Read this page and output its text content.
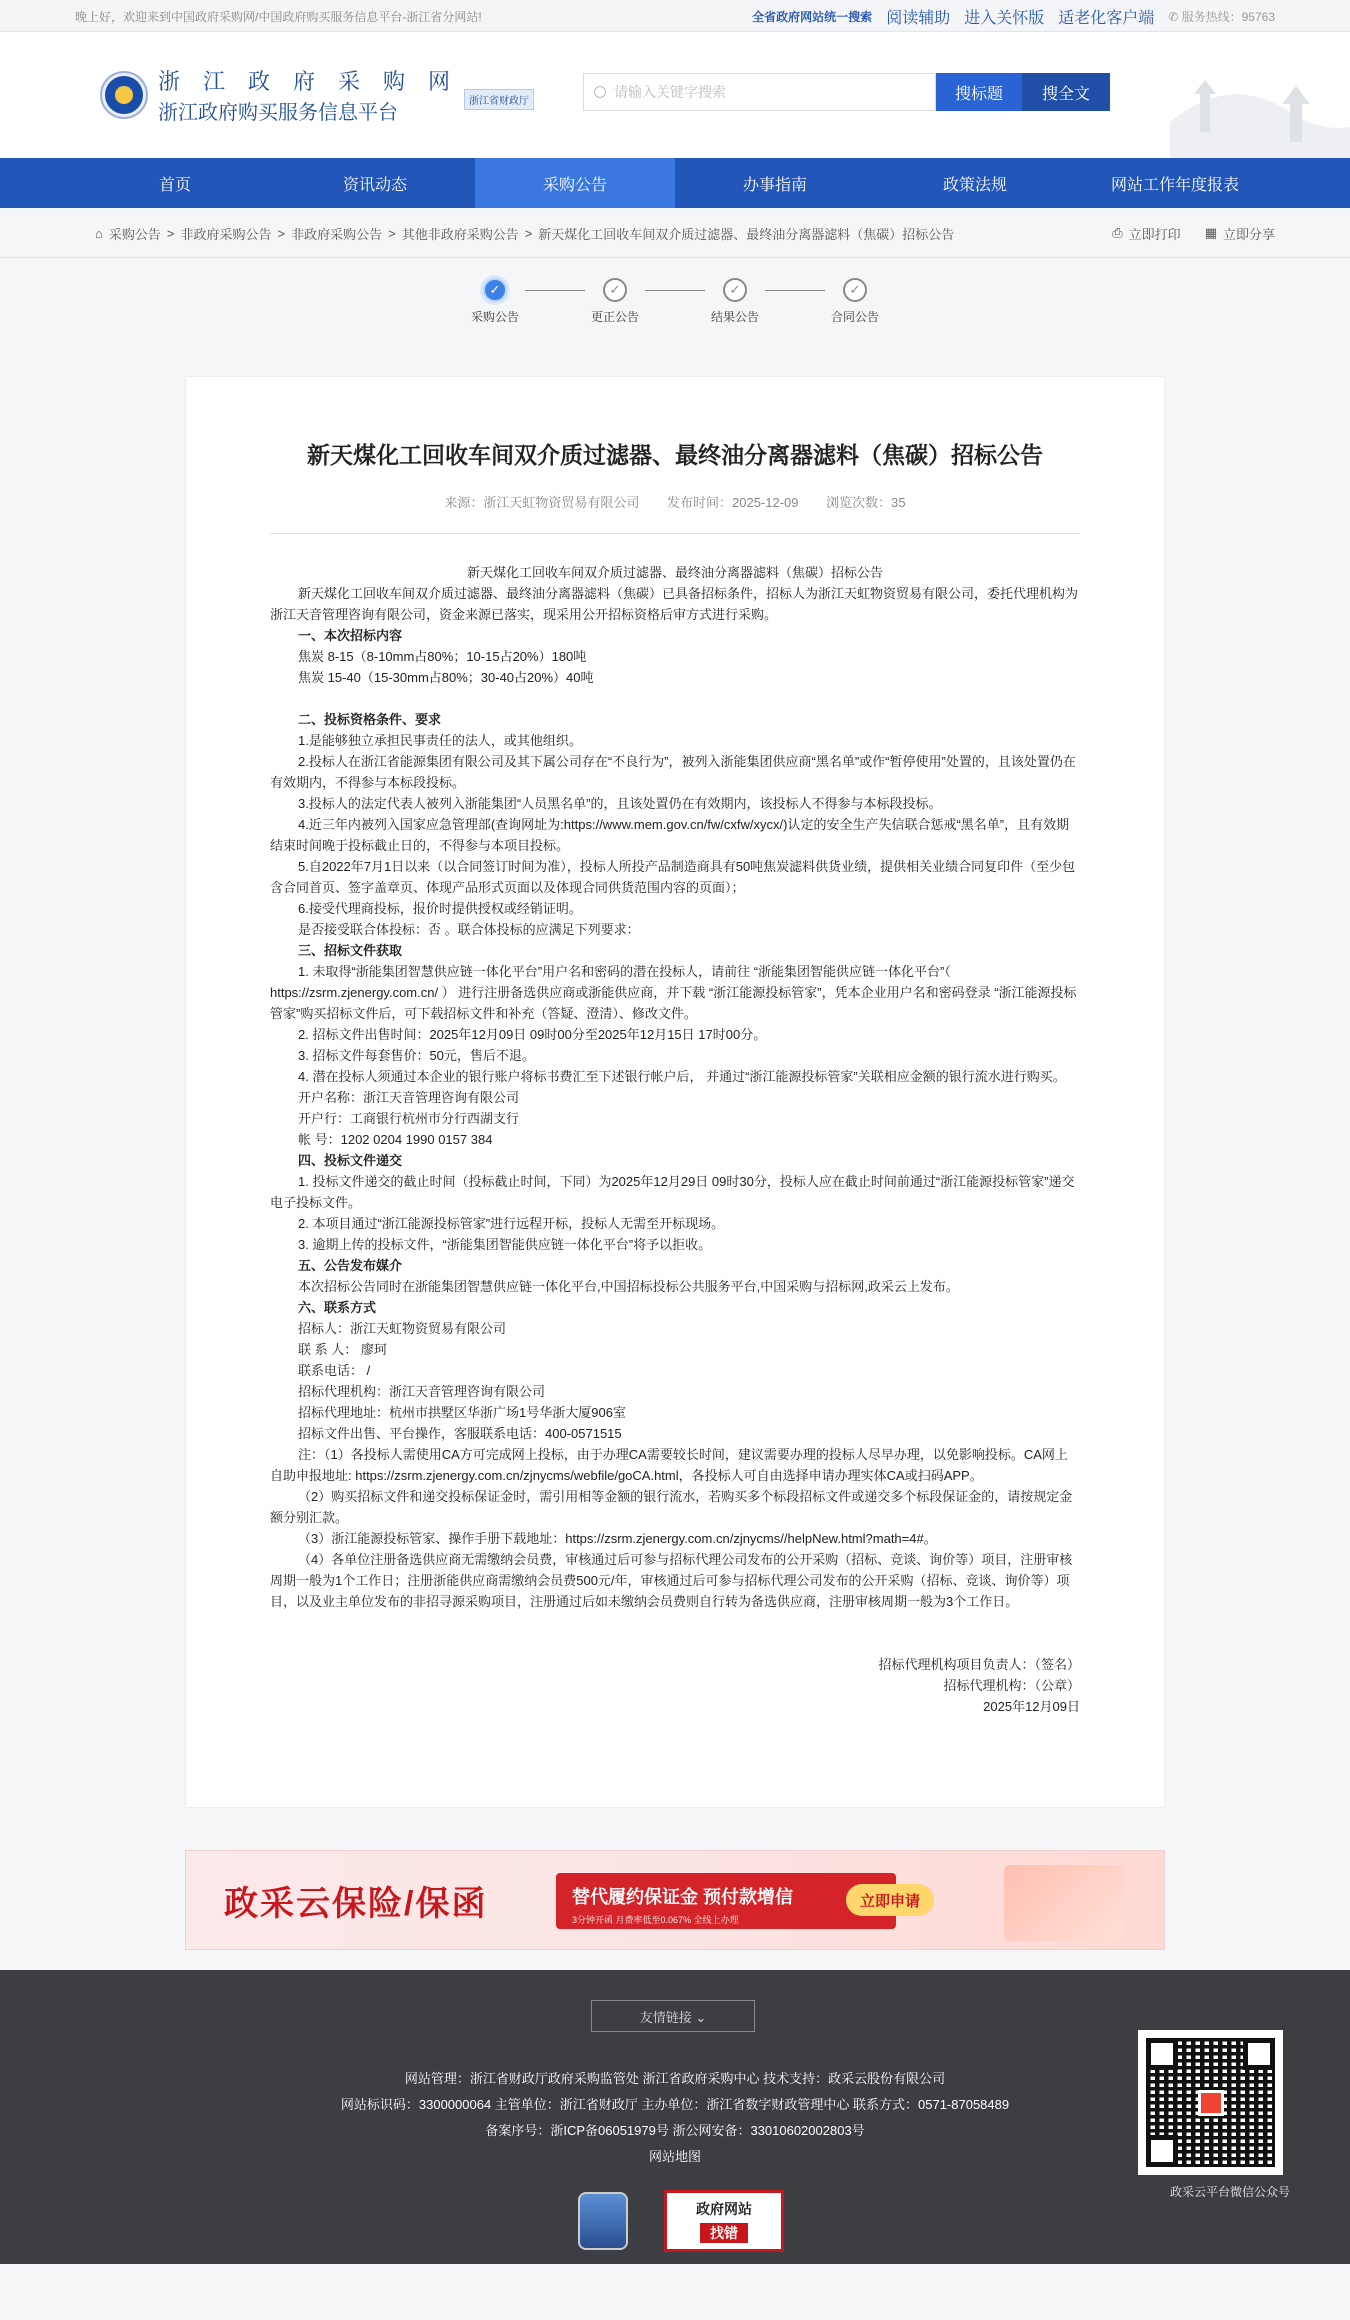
晚上好，欢迎来到中国政府采购网/中国政府购买服务信息平台-浙江省分网站!	全省政府网站统一搜索 阅读辅助 进入关怀版 适老化客户端 ✆ 服务热线：95763
浙 江 政 府 采 购 网
浙江政府购买服务信息平台	浙江省财政厅
请输入关键字搜索	搜标题	搜全文
首页	资讯动态	采购公告	办事指南	政策法规	网站工作年度报表
⌂ 采购公告 > 非政府采购公告 > 非政府采购公告 > 其他非政府采购公告 > 新天煤化工回收车间双介质过滤器、最终油分离器滤料（焦碳）招标公告	⎙ 立即打印 ▦ 立即分享
✓
采购公告
✓
更正公告
✓
结果公告
✓
合同公告
新天煤化工回收车间双介质过滤器、最终油分离器滤料（焦碳）招标公告
来源：浙江天虹物资贸易有限公司 发布时间：2025-12-09 浏览次数：35

新天煤化工回收车间双介质过滤器、最终油分离器滤料（焦碳）招标公告

新天煤化工回收车间双介质过滤器、最终油分离器滤料（焦碳）已具备招标条件，招标人为浙江天虹物资贸易有限公司，委托代理机构为浙江天音管理咨询有限公司，资金来源已落实，现采用公开招标资格后审方式进行采购。

一、本次招标内容

焦炭 8-15（8-10mm占80%；10-15占20%）180吨

焦炭 15-40（15-30mm占80%；30-40占20%）40吨

二、投标资格条件、要求

1.是能够独立承担民事责任的法人，或其他组织。

2.投标人在浙江省能源集团有限公司及其下属公司存在“不良行为”，被列入浙能集团供应商“黑名单”或作“暂停使用”处置的，且该处置仍在有效期内，不得参与本标段投标。

3.投标人的法定代表人被列入浙能集团“人员黑名单”的，且该处置仍在有效期内，该投标人不得参与本标段投标。

4.近三年内被列入国家应急管理部(查询网址为:https://www.mem.gov.cn/fw/cxfw/xycx/)认定的安全生产失信联合惩戒“黑名单”，且有效期结束时间晚于投标截止日的，不得参与本项目投标。

5.自2022年7月1日以来（以合同签订时间为准），投标人所投产品制造商具有50吨焦炭滤料供货业绩，提供相关业绩合同复印件（至少包含合同首页、签字盖章页、体现产品形式页面以及体现合同供货范围内容的页面）；

6.接受代理商投标，报价时提供授权或经销证明。

是否接受联合体投标：否 。联合体投标的应满足下列要求：

三、招标文件获取

1. 未取得“浙能集团智慧供应链一体化平台”用户名和密码的潜在投标人，请前往 “浙能集团智能供应链一体化平台”（ https://zsrm.zjenergy.com.cn/ ） 进行注册备选供应商或浙能供应商，并下载 “浙江能源投标管家”，凭本企业用户名和密码登录 “浙江能源投标管家”购买招标文件后，可下载招标文件和补充（答疑、澄清）、修改文件。

2. 招标文件出售时间：2025年12月09日 09时00分至2025年12月15日 17时00分。

3. 招标文件每套售价：50元，售后不退。

4. 潜在投标人须通过本企业的银行账户将标书费汇至下述银行帐户后， 并通过“浙江能源投标管家”关联相应金额的银行流水进行购买。

开户名称：浙江天音管理咨询有限公司

开户行：工商银行杭州市分行西湖支行

帐 号：1202 0204 1990 0157 384

四、投标文件递交

1. 投标文件递交的截止时间（投标截止时间，下同）为2025年12月29日 09时30分，投标人应在截止时间前通过“浙江能源投标管家”递交电子投标文件。

2. 本项目通过“浙江能源投标管家”进行远程开标，投标人无需至开标现场。

3. 逾期上传的投标文件，“浙能集团智能供应链一体化平台”将予以拒收。

五、公告发布媒介

本次招标公告同时在浙能集团智慧供应链一体化平台,中国招标投标公共服务平台,中国采购与招标网,政采云上发布。

六、联系方式

招标人：浙江天虹物资贸易有限公司

联 系 人： 廖珂

联系电话： /

招标代理机构：浙江天音管理咨询有限公司

招标代理地址：杭州市拱墅区华浙广场1号华浙大厦906室

招标文件出售、平台操作，客服联系电话：400-0571515

注：（1）各投标人需使用CA方可完成网上投标，由于办理CA需要较长时间，建议需要办理的投标人尽早办理，以免影响投标。CA网上自助申报地址: https://zsrm.zjenergy.com.cn/zjnycms/webfile/goCA.html，各投标人可自由选择申请办理实体CA或扫码APP。

（2）购买招标文件和递交投标保证金时，需引用相等金额的银行流水，若购买多个标段招标文件或递交多个标段保证金的，请按规定金额分别汇款。

（3）浙江能源投标管家、操作手册下载地址：https://zsrm.zjenergy.com.cn/zjnycms//helpNew.html?math=4#。

（4）各单位注册备选供应商无需缴纳会员费，审核通过后可参与招标代理公司发布的公开采购（招标、竞谈、询价等）项目，注册审核周期一般为1个工作日；注册浙能供应商需缴纳会员费500元/年，审核通过后可参与招标代理公司发布的公开采购（招标、竞谈、询价等）项目，以及业主单位发布的非招寻源采购项目，注册通过后如未缴纳会员费则自行转为备选供应商，注册审核周期一般为3个工作日。

招标代理机构项目负责人：（签名）

招标代理机构：（公章）

2025年12月09日

政采云保险/保函	替代履约保证金 预付款增信
3分钟开函 月费率低至0.067% 全线上办理
立即申请
友情链接 ⌄
网站管理：浙江省财政厅政府采购监管处 浙江省政府采购中心 技术支持：政采云股份有限公司
网站标识码：3300000064 主管单位：浙江省财政厅 主办单位：浙江省数字财政管理中心 联系方式：0571-87058489
备案序号：浙ICP备06051979号 浙公网安备：33010602002803号
网站地图
政采云平台微信公众号
政府网站
找错
